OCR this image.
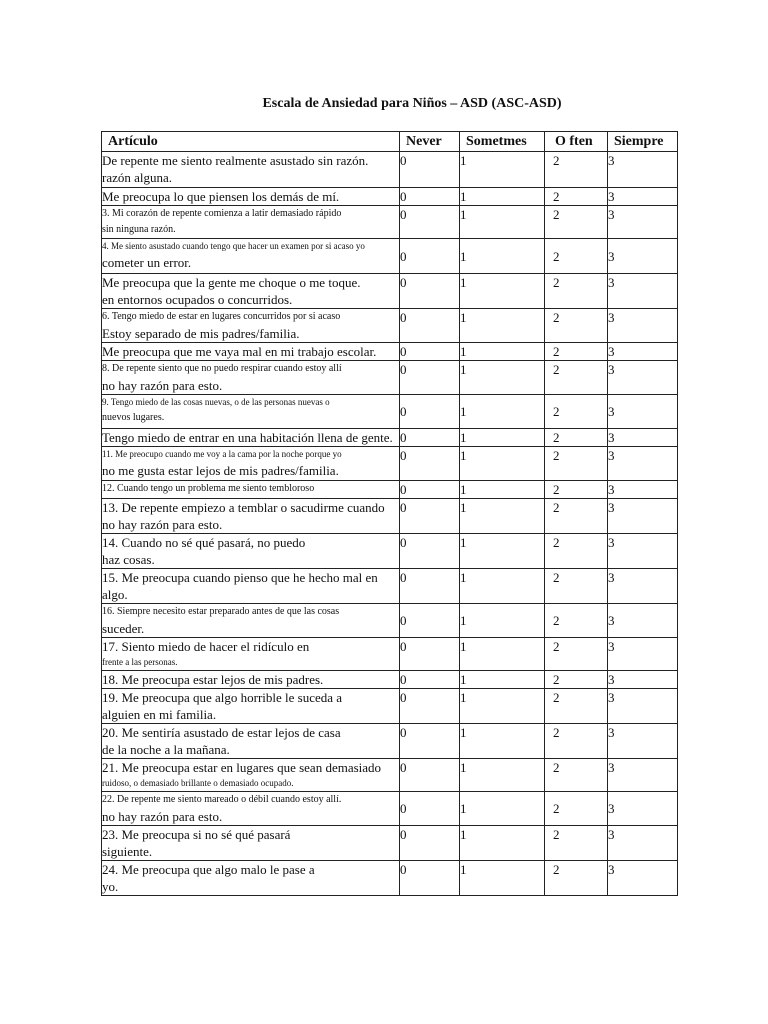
Escala de Ansiedad para Niños – ASD (ASC-ASD)
Artículo	Never	Sometmes	O ften	Siempre

De repente me siento realmente asustado sin razón.
razón alguna.	0	1	2	3

Me preocupa lo que piensen los demás de mí.	0	1	2	3

3. Mi corazón de repente comienza a latir demasiado rápido
sin ninguna razón.	0	1	2	3

4. Me siento asustado cuando tengo que hacer un examen por si acaso yo
cometer un error.	0	1	2	3

Me preocupa que la gente me choque o me toque.
en entornos ocupados o concurridos.	0	1	2	3

6. Tengo miedo de estar en lugares concurridos por si acaso
Estoy separado de mis padres/familia.	0	1	2	3

Me preocupa que me vaya mal en mi trabajo escolar.	0	1	2	3

8. De repente siento que no puedo respirar cuando estoy allí
no hay razón para esto.	0	1	2	3

9. Tengo miedo de las cosas nuevas, o de las personas nuevas o
nuevos lugares.	0	1	2	3

Tengo miedo de entrar en una habitación llena de gente.	0	1	2	3

11. Me preocupo cuando me voy a la cama por la noche porque yo
no me gusta estar lejos de mis padres/familia.	0	1	2	3

12. Cuando tengo un problema me siento tembloroso	0	1	2	3

13. De repente empiezo a temblar o sacudirme cuando
no hay razón para esto.	0	1	2	3

14. Cuando no sé qué pasará, no puedo
haz cosas.	0	1	2	3

15. Me preocupa cuando pienso que he hecho mal en
algo.	0	1	2	3

16. Siempre necesito estar preparado antes de que las cosas
suceder.	0	1	2	3

17. Siento miedo de hacer el ridículo en
frente a las personas.	0	1	2	3

18. Me preocupa estar lejos de mis padres.	0	1	2	3

19. Me preocupa que algo horrible le suceda a
alguien en mi familia.	0	1	2	3

20. Me sentiría asustado de estar lejos de casa
de la noche a la mañana.	0	1	2	3

21. Me preocupa estar en lugares que sean demasiado
ruidoso, o demasiado brillante o demasiado ocupado.	0	1	2	3

22. De repente me siento mareado o débil cuando estoy allí.
no hay razón para esto.	0	1	2	3

23. Me preocupa si no sé qué pasará
siguiente.	0	1	2	3

24. Me preocupa que algo malo le pase a
yo.	0	1	2	3
